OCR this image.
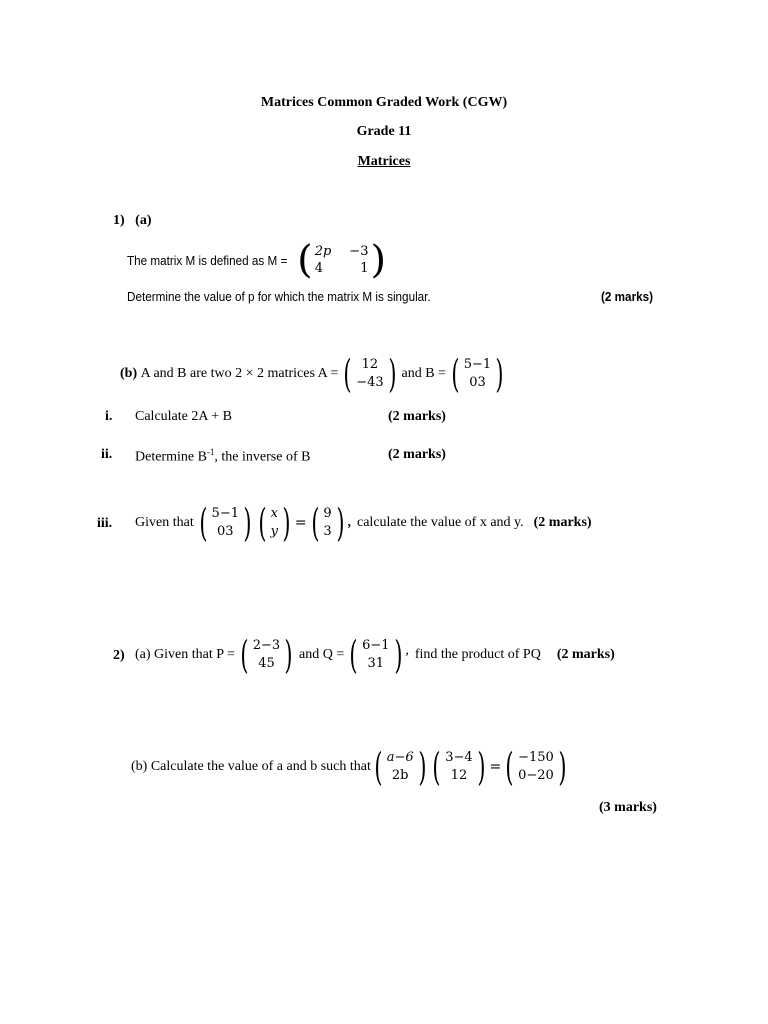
Matrices Common Graded Work (CGW)
Grade 11
Matrices
1) (a)
The matrix M is defined as M = ( 2p −3
4	1 )
Determine the value of p for which the matrix M is singular.	(2 marks)
(b)
A and B are two 2 × 2 matrices A = ( 12
−43 ) and B = ( 5−1
03 )
i. Calculate 2A + B	(2 marks)
ii. Determine $B^{-1}$, the inverse of B	(2 marks)
iii. Given that ( 5−1
03 ) ( x
y ) = ( 9
3 ) , calculate the value of x and y. (2 marks)
2) (a) Given that P = ( 2−3
45 ) and Q = ( 6−1
31 ) , find the product of PQ (2 marks)
(b) Calculate the value of a and b such that ( a−6
2b ) ( 3−4
12 ) = ( −150
0−20 )
(3 marks)
